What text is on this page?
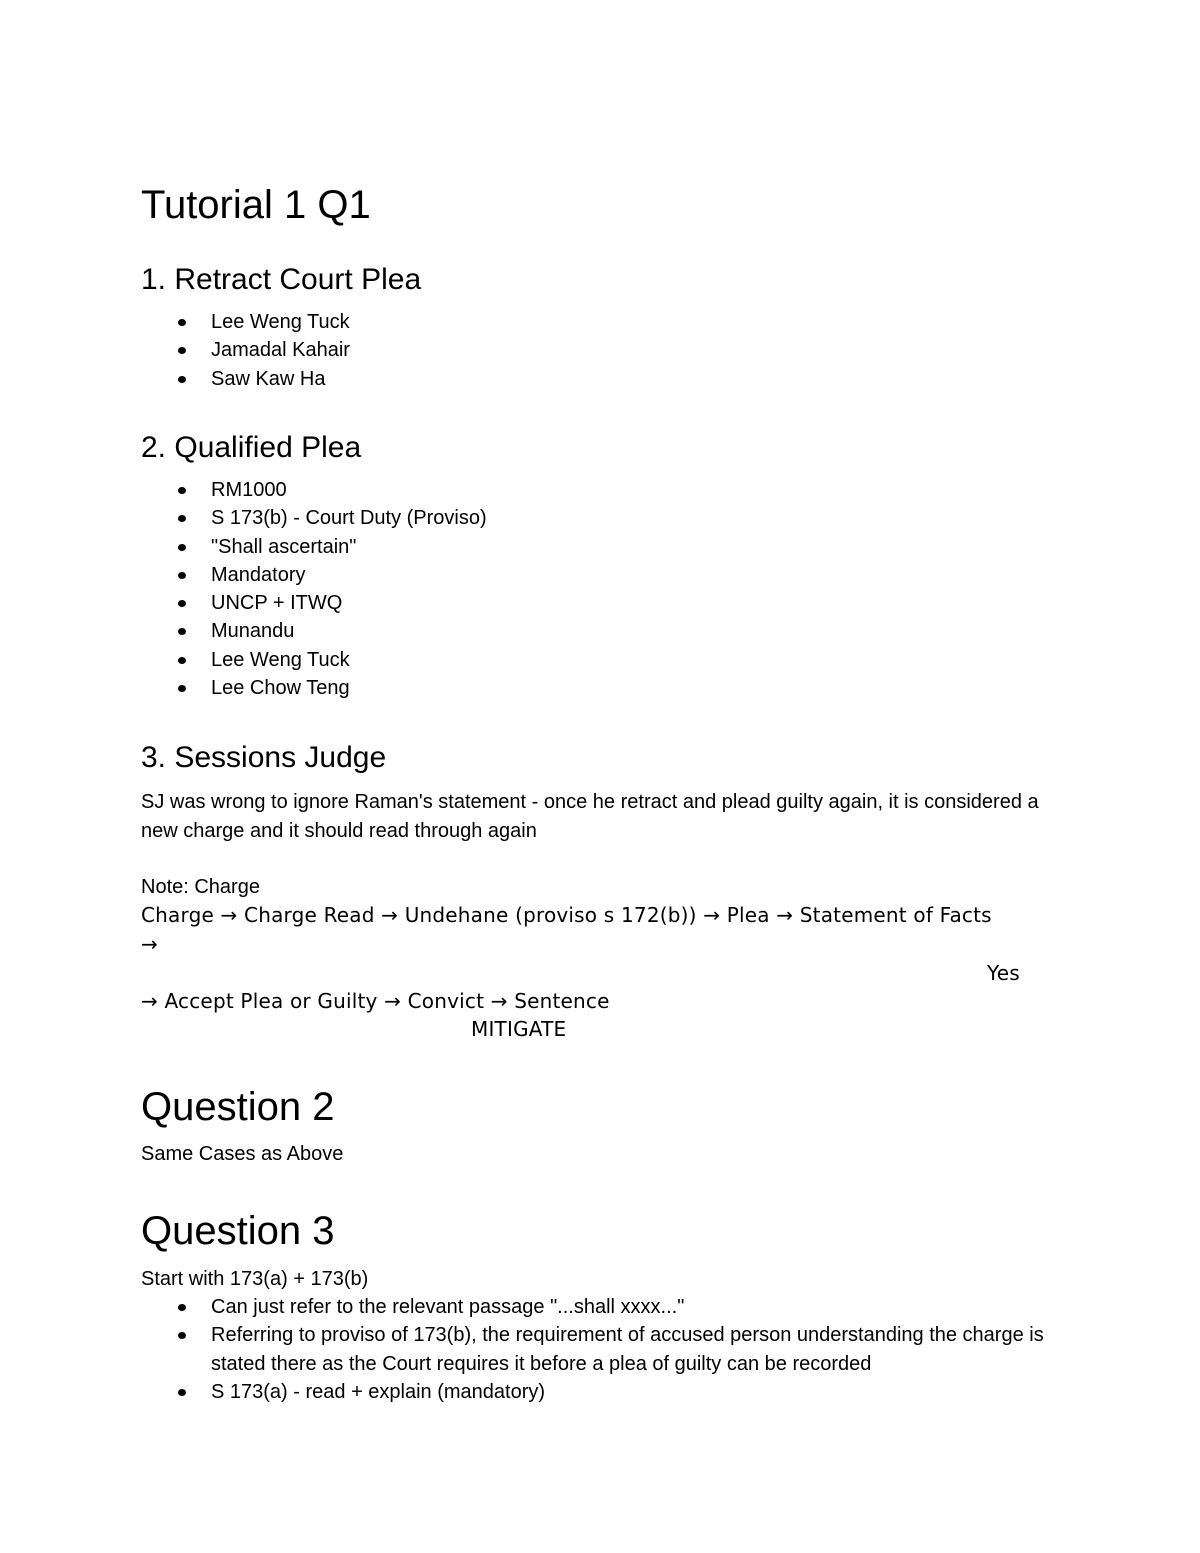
Tutorial 1 Q1
1. Retract Court Plea
Lee Weng Tuck
Jamadal Kahair
Saw Kaw Ha
2. Qualified Plea
RM1000
S 173(b) - Court Duty (Proviso)
"Shall ascertain"
Mandatory
UNCP + ITWQ
Munandu
Lee Weng Tuck
Lee Chow Teng
3. Sessions Judge

SJ was wrong to ignore Raman's statement - once he retract and plead guilty again, it is considered a new charge and it should read through again

Note: Charge

Charge → Charge Read → Undehane (proviso s 172(b)) → Plea → Statement of Facts

→

Yes

→ Accept Plea or Guilty → Convict → Sentence

MITIGATE

Question 2

Same Cases as Above

Question 3

Start with 173(a) + 173(b)

Can just refer to the relevant passage "...shall xxxx..."
Referring to proviso of 173(b), the requirement of accused person understanding the charge is stated there as the Court requires it before a plea of guilty can be recorded
S 173(a) - read + explain (mandatory)
